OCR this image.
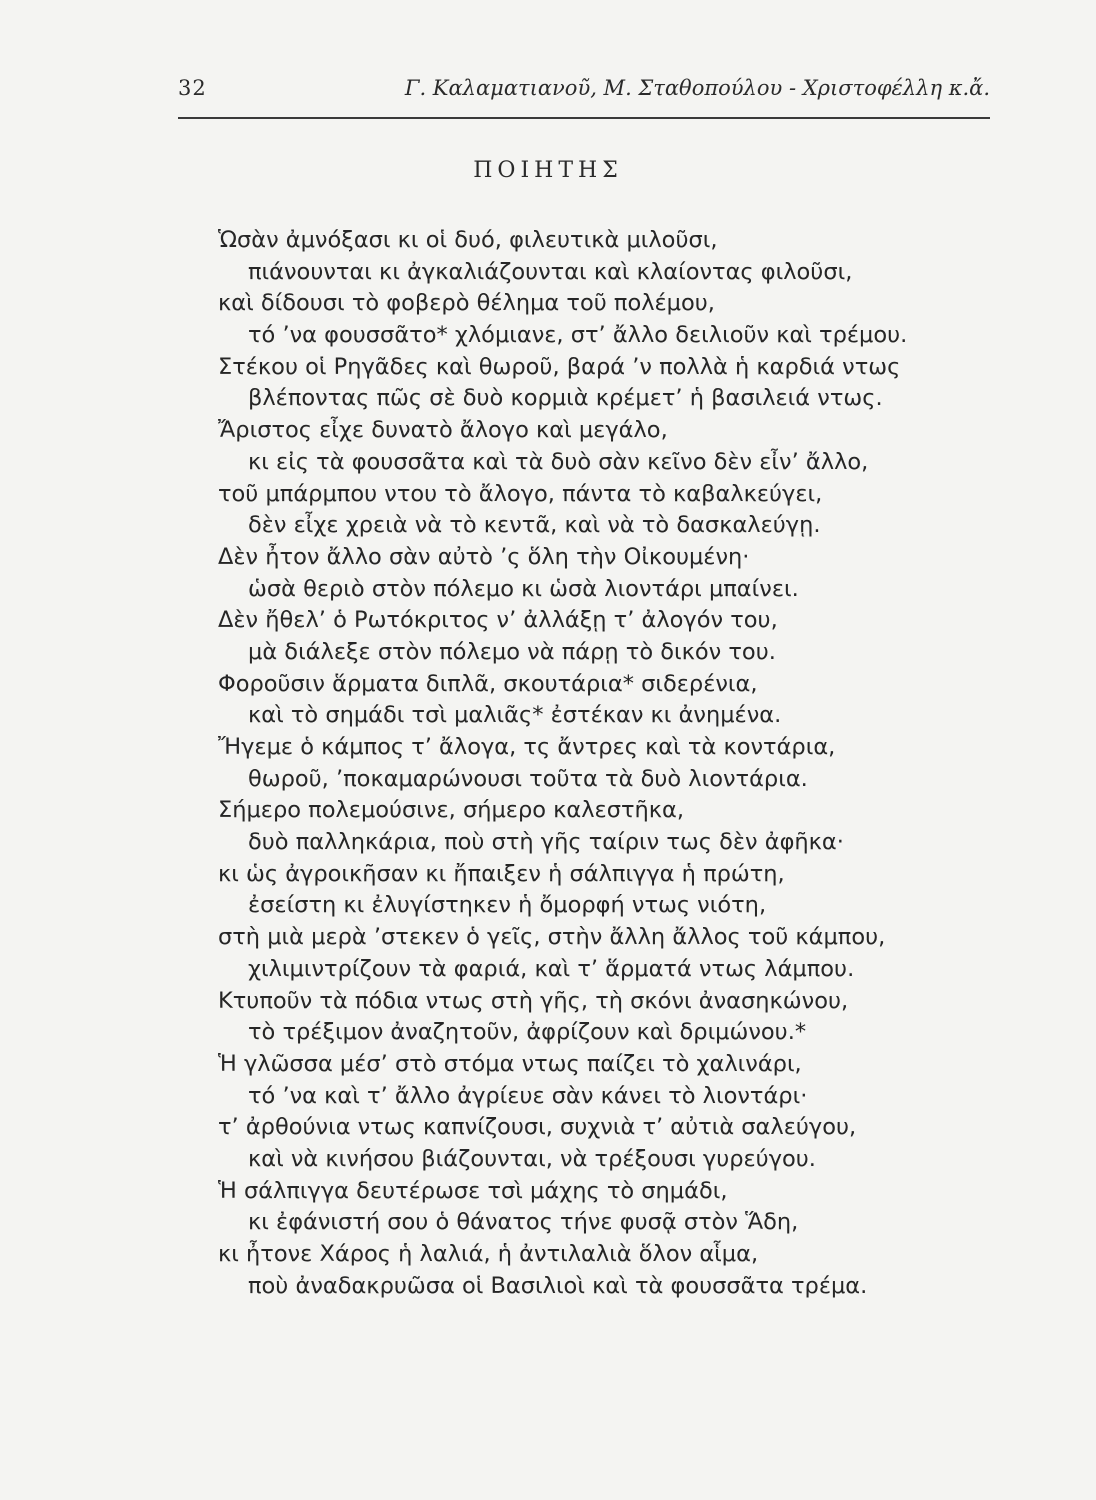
32	Γ. Καλαματιανοῦ, Μ. Σταθοπούλου - Χριστοφέλλη κ.ἄ.
ΠΟΙΗΤΗΣ
Ὡσὰν ἀμνόξασι κι οἱ δυό, φιλευτικὰ μιλοῦσι,
πιάνουνται κι ἀγκαλιάζουνται καὶ κλαίοντας φιλοῦσι,
καὶ δίδουσι τὸ φοβερὸ θέλημα τοῦ πολέμου,
τό ’να φουσσᾶτο* χλόμιανε, στ’ ἄλλο δειλιοῦν καὶ τρέμου.
Στέκου οἱ Ρηγᾶδες καὶ θωροῦ, βαρά ’ν πολλὰ ἡ καρδιά ντως
βλέποντας πῶς σὲ δυὸ κορμιὰ κρέμετ’ ἡ βασιλειά ντως.
Ἄριστος εἶχε δυνατὸ ἄλογο καὶ μεγάλο,
κι εἰς τὰ φουσσᾶτα καὶ τὰ δυὸ σὰν κεῖνο δὲν εἶν’ ἄλλο,
τοῦ μπάρμπου ντου τὸ ἄλογο, πάντα τὸ καβαλκεύγει,
δὲν εἶχε χρειὰ νὰ τὸ κεντᾶ, καὶ νὰ τὸ δασκαλεύγῃ.
Δὲν ἦτον ἄλλο σὰν αὐτὸ ’ς ὅλη τὴν Οἰκουμένη·
ὡσὰ θεριὸ στὸν πόλεμο κι ὡσὰ λιοντάρι μπαίνει.
Δὲν ἤθελ’ ὁ Ρωτόκριτος ν’ ἀλλάξῃ τ’ ἀλογόν του,
μὰ διάλεξε στὸν πόλεμο νὰ πάρῃ τὸ δικόν του.
Φοροῦσιν ἅρματα διπλᾶ, σκουτάρια* σιδερένια,
καὶ τὸ σημάδι τσὶ μαλιᾶς* ἐστέκαν κι ἀνημένα.
Ἤγεμε ὁ κάμπος τ’ ἄλογα, τς ἄντρες καὶ τὰ κοντάρια,
θωροῦ, ’ποκαμαρώνουσι τοῦτα τὰ δυὸ λιοντάρια.
Σήμερο πολεμούσινε, σήμερο καλεστῆκα,
δυὸ παλληκάρια, ποὺ στὴ γῆς ταίριν τως δὲν ἀφῆκα·
κι ὡς ἀγροικῆσαν κι ἤπαιξεν ἡ σάλπιγγα ἡ πρώτη,
ἐσείστη κι ἐλυγίστηκεν ἡ ὄμορφή ντως νιότη,
στὴ μιὰ μερὰ ’στεκεν ὁ γεῖς, στὴν ἄλλη ἄλλος τοῦ κάμπου,
χιλιμιντρίζουν τὰ φαριά, καὶ τ’ ἅρματά ντως λάμπου.
Κτυποῦν τὰ πόδια ντως στὴ γῆς, τὴ σκόνι ἀνασηκώνου,
τὸ τρέξιμον ἀναζητοῦν, ἀφρίζουν καὶ δριμώνου.*
Ἡ γλῶσσα μέσ’ στὸ στόμα ντως παίζει τὸ χαλινάρι,
τό ’να καὶ τ’ ἄλλο ἀγρίευε σὰν κάνει τὸ λιοντάρι·
τ’ ἀρθούνια ντως καπνίζουσι, συχνιὰ τ’ αὐτιὰ σαλεύγου,
καὶ νὰ κινήσου βιάζουνται, νὰ τρέξουσι γυρεύγου.
Ἡ σάλπιγγα δευτέρωσε τσὶ μάχης τὸ σημάδι,
κι ἐφάνιστή σου ὁ θάνατος τήνε φυσᾷ στὸν Ἅδη,
κι ἦτονε Χάρος ἡ λαλιά, ἡ ἀντιλαλιὰ ὅλον αἷμα,
ποὺ ἀναδακρυῶσα οἱ Βασιλιοὶ καὶ τὰ φουσσᾶτα τρέμα.
